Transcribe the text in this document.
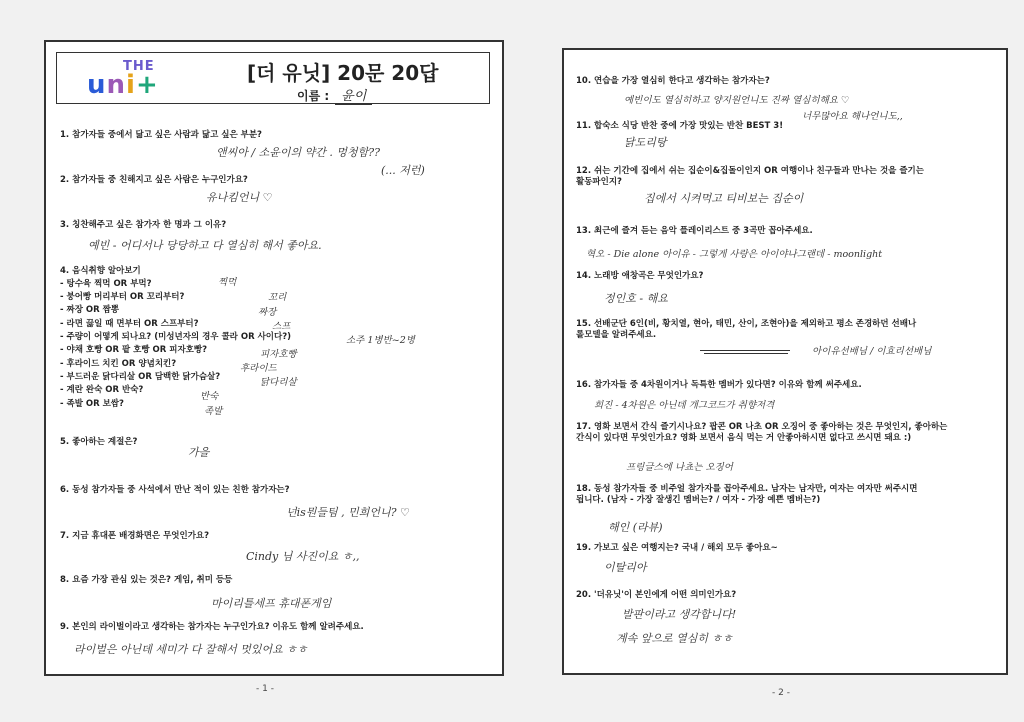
THE
uni+	[더 유닛] 20문 20답
이름 : 윤이
1. 참가자들 중에서 닮고 싶은 사람과 닮고 싶은 부분?
앤씨아 / 소윤이의 약간 . 멍청함??
(... 저런)
2. 참가자들 중 친해지고 싶은 사람은 누구인가요?
유나킴언니 ♡
3. 칭찬해주고 싶은 참가자 한 명과 그 이유?
예빈 - 어디서나 당당하고 다 열심히 해서 좋아요.
4. 음식취향 알아보기
- 탕수육 찍먹 OR 부먹?
- 붕어빵 머리부터 OR 꼬리부터?
- 짜장 OR 짬뽕
- 라면 끓일 때 면부터 OR 스프부터?
- 주량이 어떻게 되나요? (미성년자의 경우 콜라 OR 사이다?)
- 야채 호빵 OR 팥 호빵 OR 피자호빵?
- 후라이드 치킨 OR 양념치킨?
- 부드러운 닭다리살 OR 담백한 닭가슴살?
- 계란 완숙 OR 반숙?
- 족발 OR 보쌈?
찍먹
꼬리
짜장
스프
소주 1병반~2병
피자호빵
후라이드
닭다리살
반숙
족발
5. 좋아하는 계절은?
가을
6. 동성 참가자들 중 사석에서 만난 적이 있는 친한 참가자는?
넌is뭔들팀 , 민희언니? ♡
7. 지금 휴대폰 배경화면은 무엇인가요?
Cindy 님 사진이요 ㅎ,,
8. 요즘 가장 관심 있는 것은? 게임, 취미 등등
마이리틀세프 휴대폰게임
9. 본인의 라이벌이라고 생각하는 참가자는 누구인가요? 이유도 함께 알려주세요.
라이벌은 아닌데 세미가 다 잘해서 멋있어요 ㅎㅎ
- 1 -
10. 연습을 가장 열심히 한다고 생각하는 참가자는?
예빈이도 열심히하고 양지원언니도 진짜 열심히해요 ♡
너무많아요 해나언니도,,
11. 합숙소 식당 반찬 중에 가장 맛있는 반찬 BEST 3!
닭도리탕
12. 쉬는 기간에 집에서 쉬는 집순이&집돌이인지 OR 여행이나 친구들과 만나는 것을 즐기는
활동파인지?
집에서 시켜먹고 티비보는 집순이
13. 최근에 즐겨 듣는 음악 플레이리스트 중 3곡만 꼽아주세요.
혁오 - Die alone 아이유 - 그렇게 사랑은 아이야나그랜데 - moonlight
14. 노래방 애창곡은 무엇인가요?
정인호 - 해요
15. 선배군단 6인(비, 황치열, 현아, 태민, 산이, 조현아)을 제외하고 평소 존경하던 선배나
롤모델을 알려주세요.
아이유선배님 / 이효리선배님
16. 참가자들 중 4차원이거나 독특한 멤버가 있다면? 이유와 함께 써주세요.
희진 - 4차원은 아닌데 개그코드가 취향저격
17. 영화 보면서 간식 즐기시나요? 팝콘 OR 나초 OR 오징어 중 좋아하는 것은 무엇인지, 좋아하는
간식이 있다면 무엇인가요? 영화 보면서 음식 먹는 거 안좋아하시면 없다고 쓰시면 돼요 :)
프링글스에 나쵸는 오징어
18. 동성 참가자들 중 비주얼 참가자를 꼽아주세요. 남자는 남자만, 여자는 여자만 써주시면
됩니다. (남자 - 가장 잘생긴 멤버는? / 여자 - 가장 예쁜 멤버는?)
해인 (라뷰)
19. 가보고 싶은 여행지는? 국내 / 해외 모두 좋아요~
이탈리아
20. '더유닛'이 본인에게 어떤 의미인가요?
발판이라고 생각합니다!
계속 앞으로 열심히 ㅎㅎ
- 2 -
